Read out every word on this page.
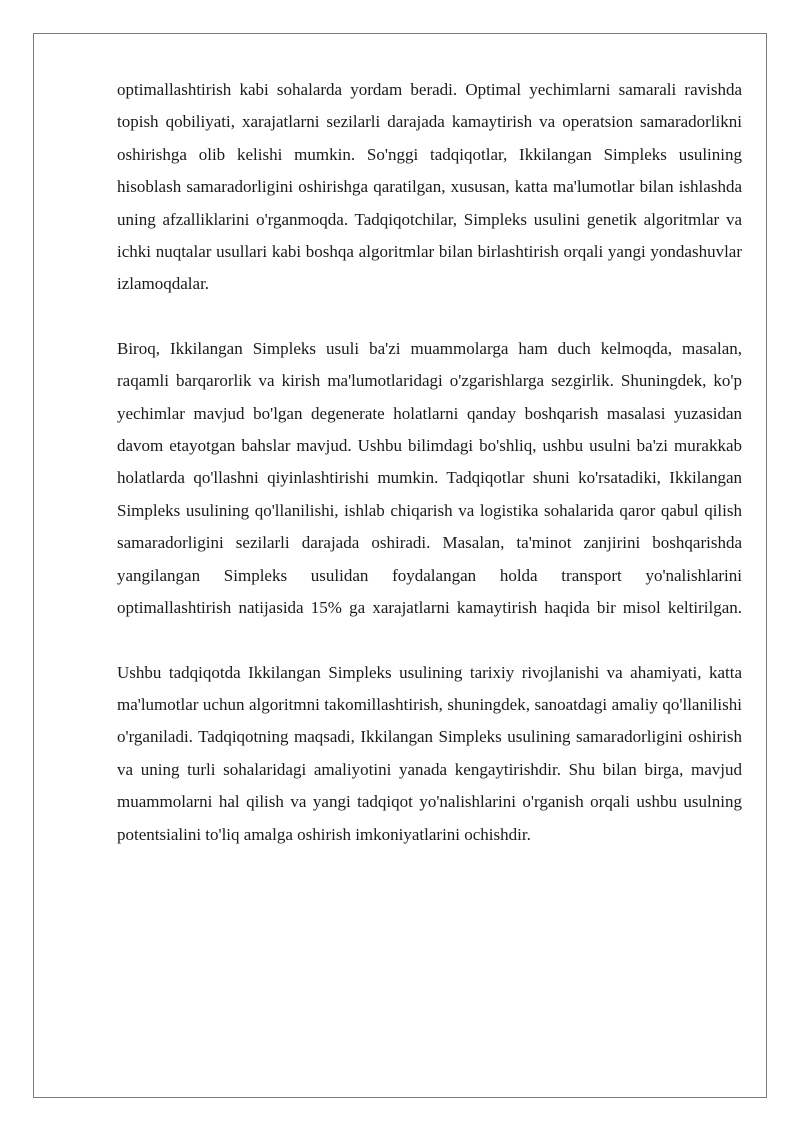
optimallashtirish kabi sohalarda yordam beradi. Optimal yechimlarni samarali ravishda topish qobiliyati, xarajatlarni sezilarli darajada kamaytirish va operatsion samaradorlikni oshirishga olib kelishi mumkin. So'nggi tadqiqotlar, Ikkilangan Simpleks usulining hisoblash samaradorligini oshirishga qaratilgan, xususan, katta ma'lumotlar bilan ishlashda uning afzalliklarini o'rganmoqda. Tadqiqotchilar, Simpleks usulini genetik algoritmlar va ichki nuqtalar usullari kabi boshqa algoritmlar bilan birlashtirish orqali yangi yondashuvlar izlamoqdalar.

Biroq, Ikkilangan Simpleks usuli ba'zi muammolarga ham duch kelmoqda, masalan, raqamli barqarorlik va kirish ma'lumotlaridagi o'zgarishlarga sezgirlik. Shuningdek, ko'p yechimlar mavjud bo'lgan degenerate holatlarni qanday boshqarish masalasi yuzasidan davom etayotgan bahslar mavjud. Ushbu bilimdagi bo'shliq, ushbu usulni ba'zi murakkab holatlarda qo'llashni qiyinlashtirishi mumkin. Tadqiqotlar shuni ko'rsatadiki, Ikkilangan Simpleks usulining qo'llanilishi, ishlab chiqarish va logistika sohalarida qaror qabul qilish samaradorligini sezilarli darajada oshiradi. Masalan, ta'minot zanjirini boshqarishda yangilangan Simpleks usulidan foydalangan holda transport yo'nalishlarini optimallashtirish natijasida 15% ga xarajatlarni kamaytirish haqida bir misol keltirilgan.

Ushbu tadqiqotda Ikkilangan Simpleks usulining tarixiy rivojlanishi va ahamiyati, katta ma'lumotlar uchun algoritmni takomillashtirish, shuningdek, sanoatdagi amaliy qo'llanilishi o'rganiladi. Tadqiqotning maqsadi, Ikkilangan Simpleks usulining samaradorligini oshirish va uning turli sohalaridagi amaliyotini yanada kengaytirishdir. Shu bilan birga, mavjud muammolarni hal qilish va yangi tadqiqot yo'nalishlarini o'rganish orqali ushbu usulning potentsialini to'liq amalga oshirish imkoniyatlarini ochishdir.
